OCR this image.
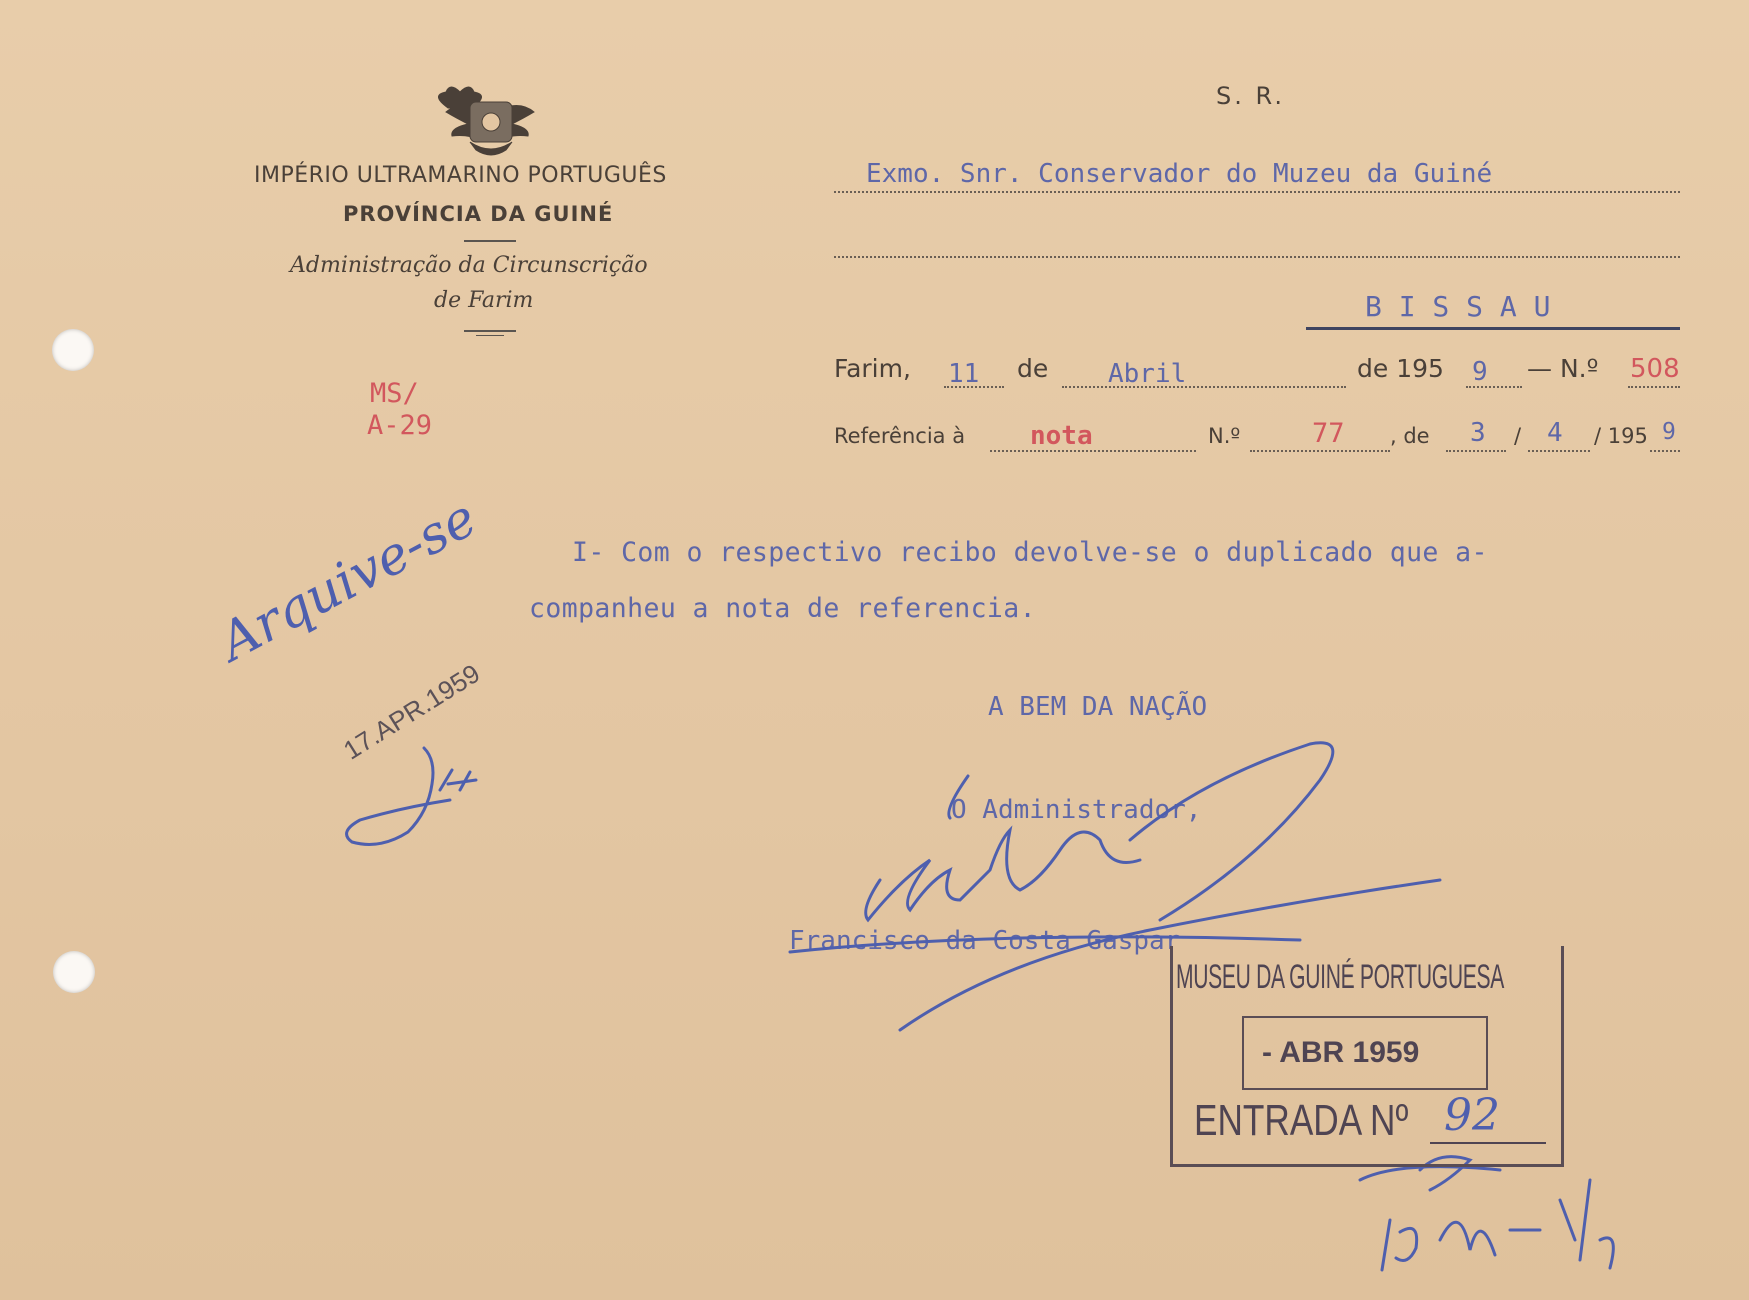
IMPÉRIO ULTRAMARINO PORTUGUÊS
PROVÍNCIA DA GUINÉ
Administração da Circunscrição
de Farim
MS/
A-29
S. R.
Exmo. Snr. Conservador do Muzeu da Guiné
B I S S A U
Farim, 11 de Abril	de 195 9 — N.º 508
Referência à nota	N.º	77 , de 3 / 4 / 195 9
I- Com o respectivo recibo devolve-se o duplicado que a-
companheu a nota de referencia.
A BEM DA NAÇÃO
O Administrador,
Francisco da Costa Gaspar
Arquive-se
17.APR.1959
MUSEU DA GUINÉ PORTUGUESA
- ABR 1959
ENTRADA Nº 92
